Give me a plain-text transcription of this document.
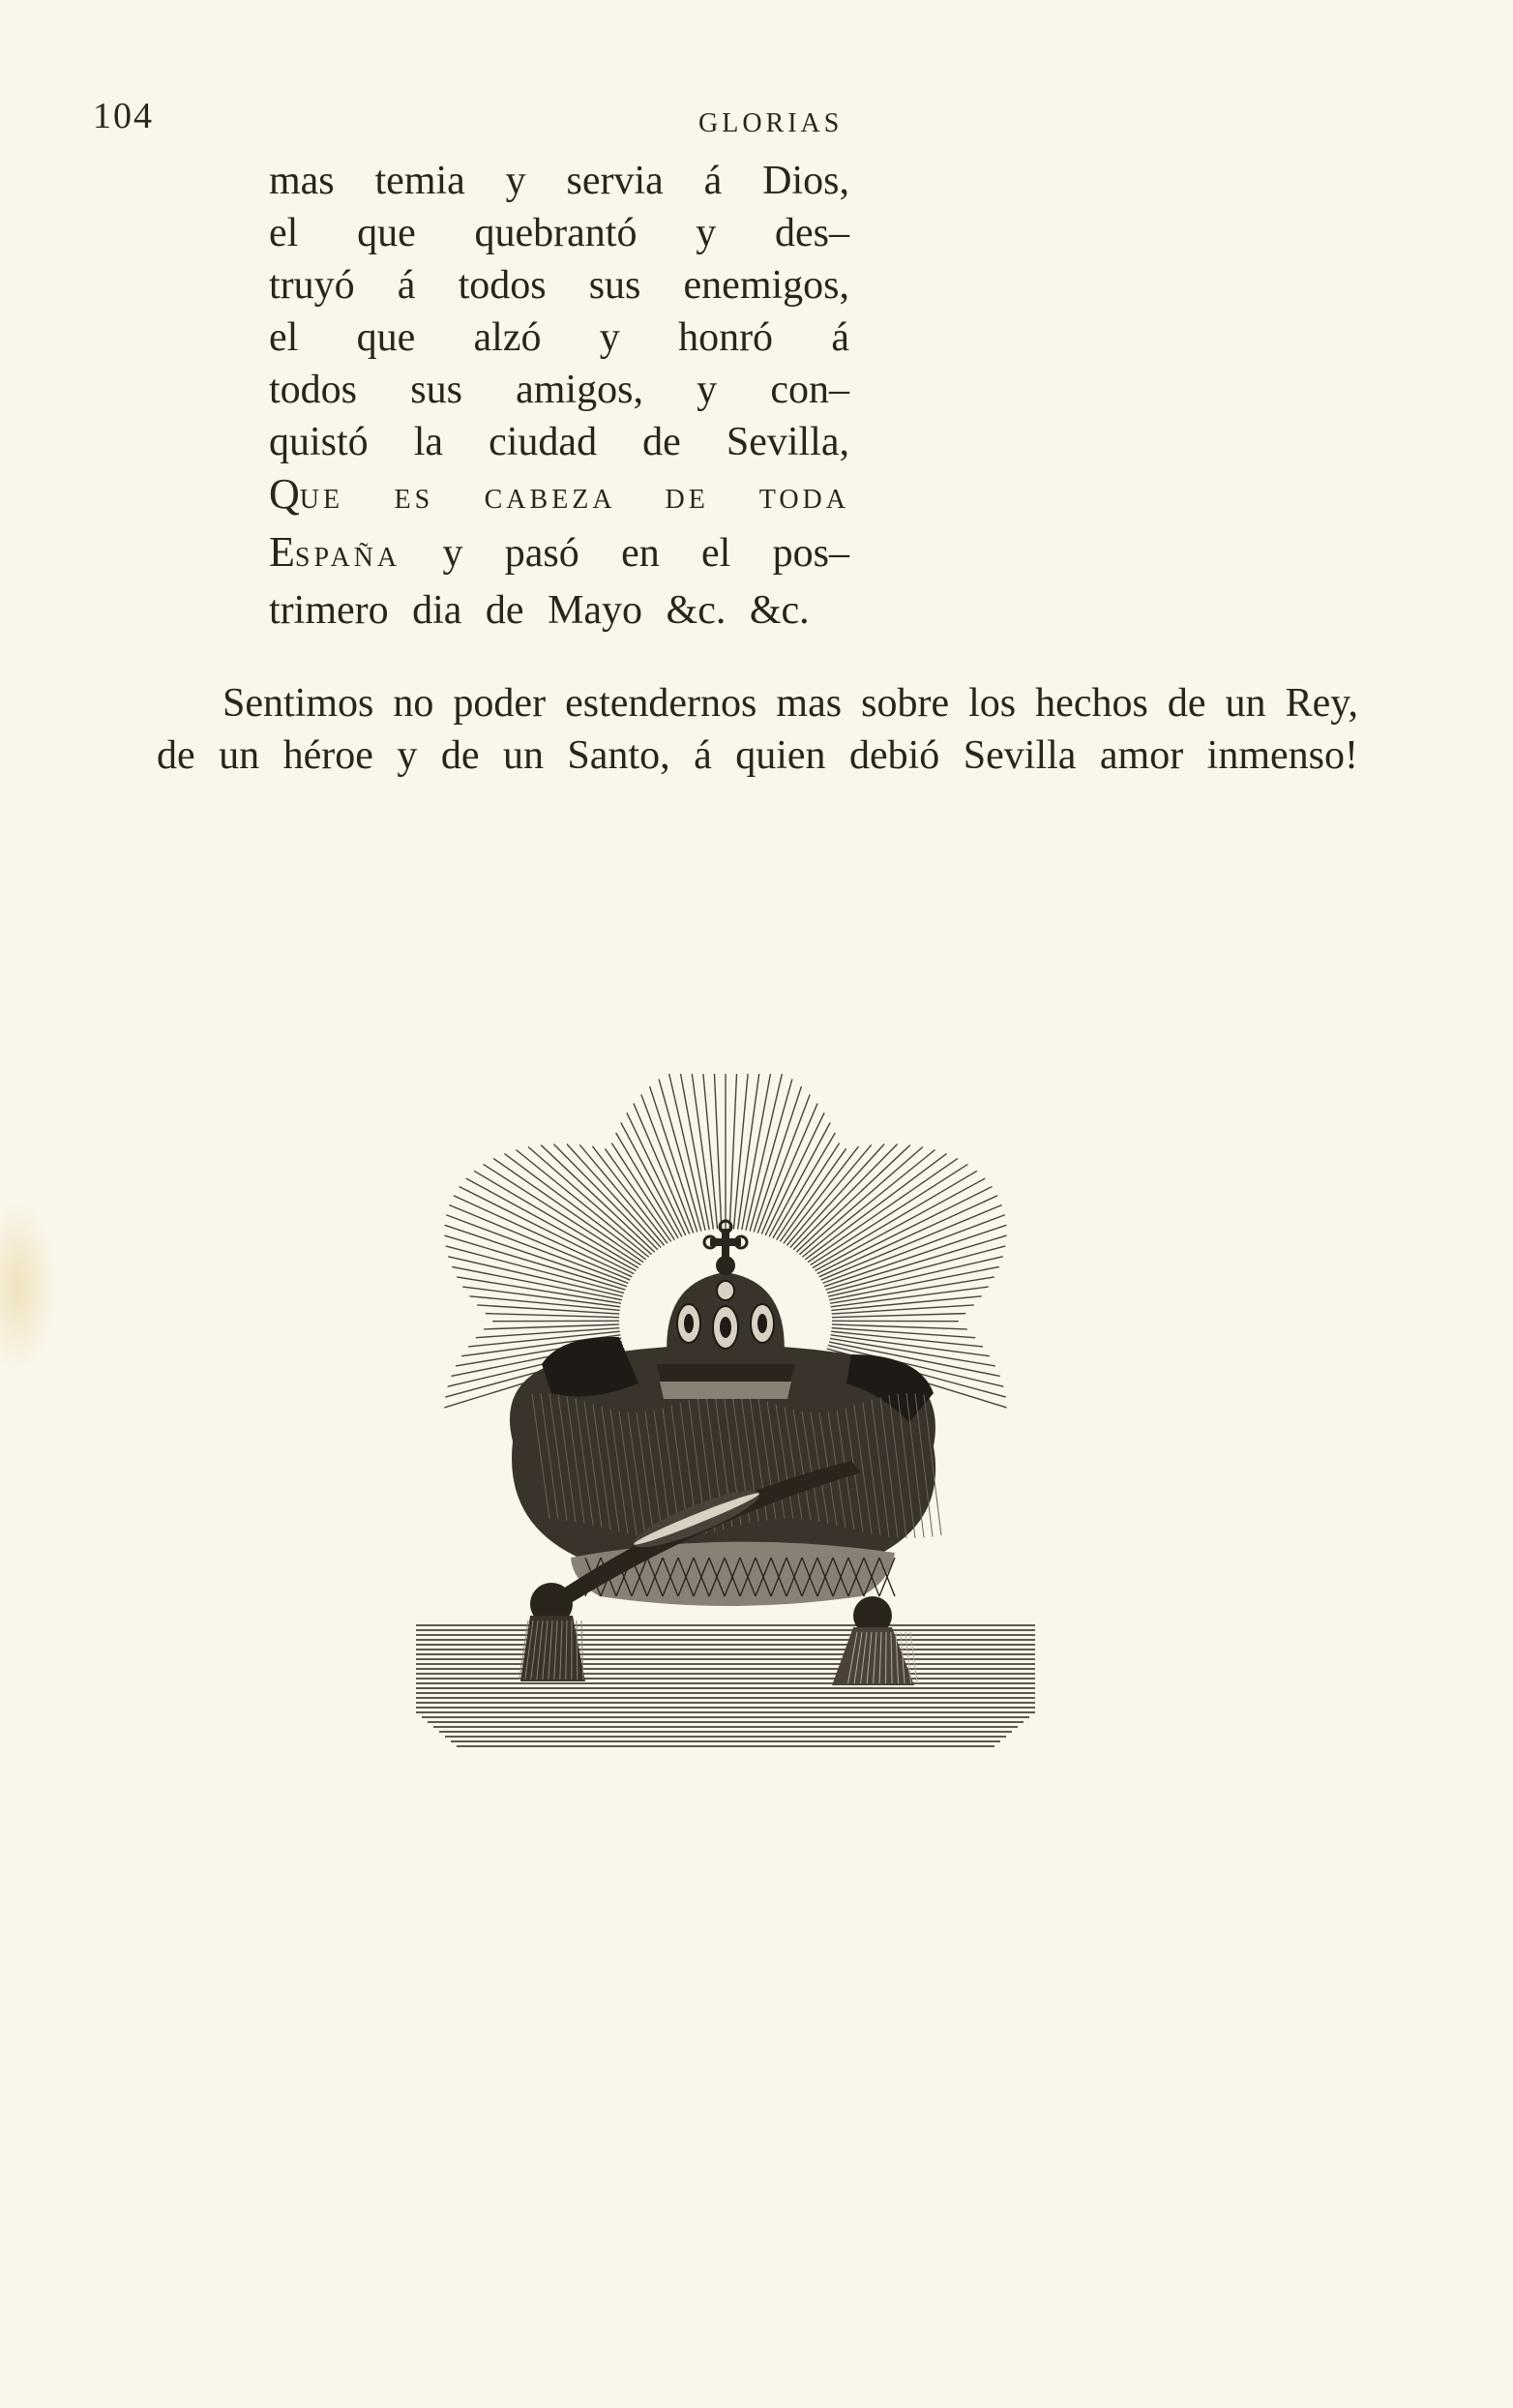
104	GLORIAS
mas temia y servia á Dios,
el que quebrantó y des–
truyó á todos sus enemigos,
el que alzó y honró á
todos sus amigos, y con–
quistó la ciudad de Sevilla,
QUE ES CABEZA DE TODA
ESPAÑA y pasó en el pos–
trimero dia de Mayo &c. &c.
Sentimos no poder estendernos mas sobre los hechos de un Rey,
de un héroe y de un Santo, á quien debió Sevilla amor inmenso!
